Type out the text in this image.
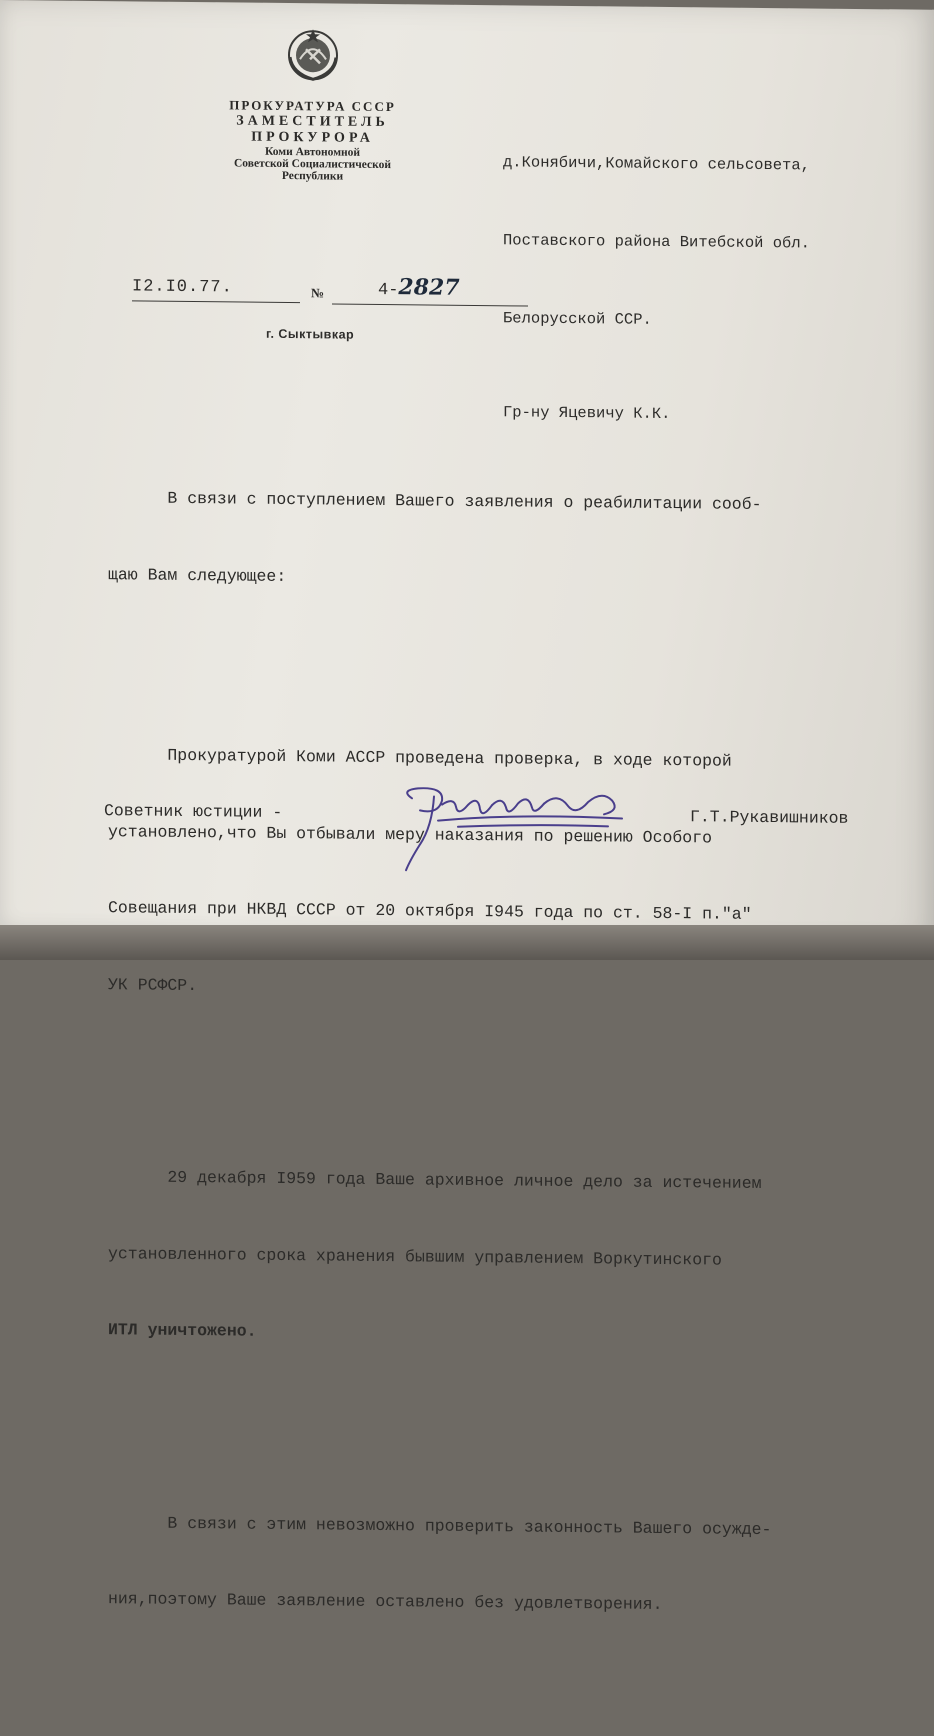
ПРОКУРАТУРА СССР
ЗАМЕСТИТЕЛЬ
ПРОКУРОРА
Коми Автономной
Советской Социалистической
Республики

д.Конябичи,Комайского сельсовета,

Поставского района Витебской обл.

Белорусской ССР.

Гр-ну Яцевичу К.К.

I2.I0.77.	№	4-2827
г. Сыктывкар

В связи с поступлением Вашего заявления о реабилитации сооб-

щаю Вам следующее:

Прокуратурой Коми АССР проведена проверка, в ходе которой

установлено,что Вы отбывали меру наказания по решению Особого

Совещания при НКВД СССР от 20 октября I945 года по ст. 58-I п."а"

УК РСФСР.

29 декабря I959 года Ваше архивное личное дело за истечением

установленного срока хранения бывшим управлением Воркутинского

ИТЛ уничтожено.

В связи с этим невозможно проверить законность Вашего осужде-

ния,поэтому Ваше заявление оставлено без удовлетворения.

Советник юстиции -	Г.Т.Рукавишников
